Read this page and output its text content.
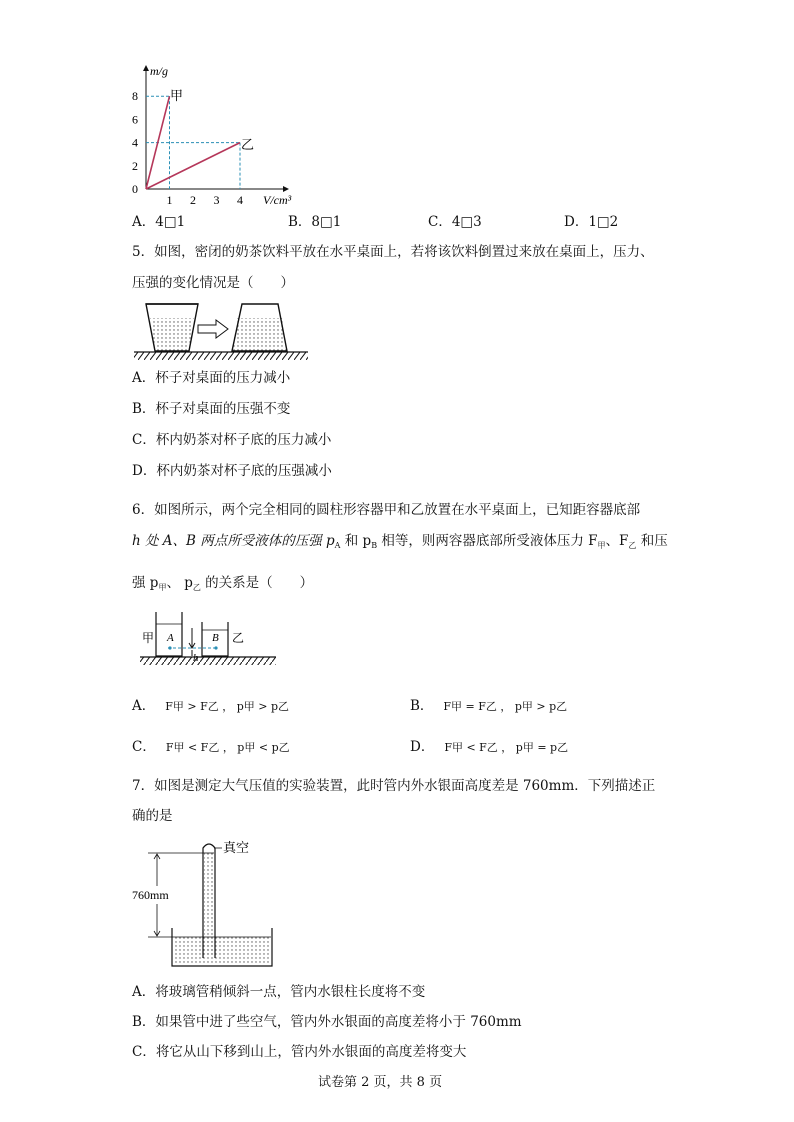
m/g
V/cm³
0
2
4
6
8
1 2 3 4
甲
乙
A．4□1	B．8□1	C．4□3	D．1□2
5．如图，密闭的奶茶饮料平放在水平桌面上，若将该饮料倒置过来放在桌面上，压力、
压强的变化情况是（　　）
A．杯子对桌面的压力减小
B．杯子对桌面的压强不变
C．杯内奶茶对杯子底的压力减小
D．杯内奶茶对杯子底的压强减小
6．如图所示，两个完全相同的圆柱形容器甲和乙放置在水平桌面上，已知距容器底部
h 处 A、B 两点所受液体的压强 $p_A$ 和 $p_B$ 相等，则两容器底部所受液体压力 $F_甲$、$F_乙$ 和压
强 $p_甲$、 $p_乙$ 的关系是（　　）
甲 A	B 乙
A． F甲 > F乙 ， p甲 > p乙	B． F甲 = F乙 ， p甲 > p乙
C． F甲 < F乙 ， p甲 < p乙	D． F甲 < F乙 ， p甲 = p乙
7．如图是测定大气压值的实验装置，此时管内外水银面高度差是 760mm．下列描述正
确的是
760mm
真空
A．将玻璃管稍倾斜一点，管内水银柱长度将不变
B．如果管中进了些空气，管内外水银面的高度差将小于 760mm
C．将它从山下移到山上，管内外水银面的高度差将变大
试卷第 2 页，共 8 页
